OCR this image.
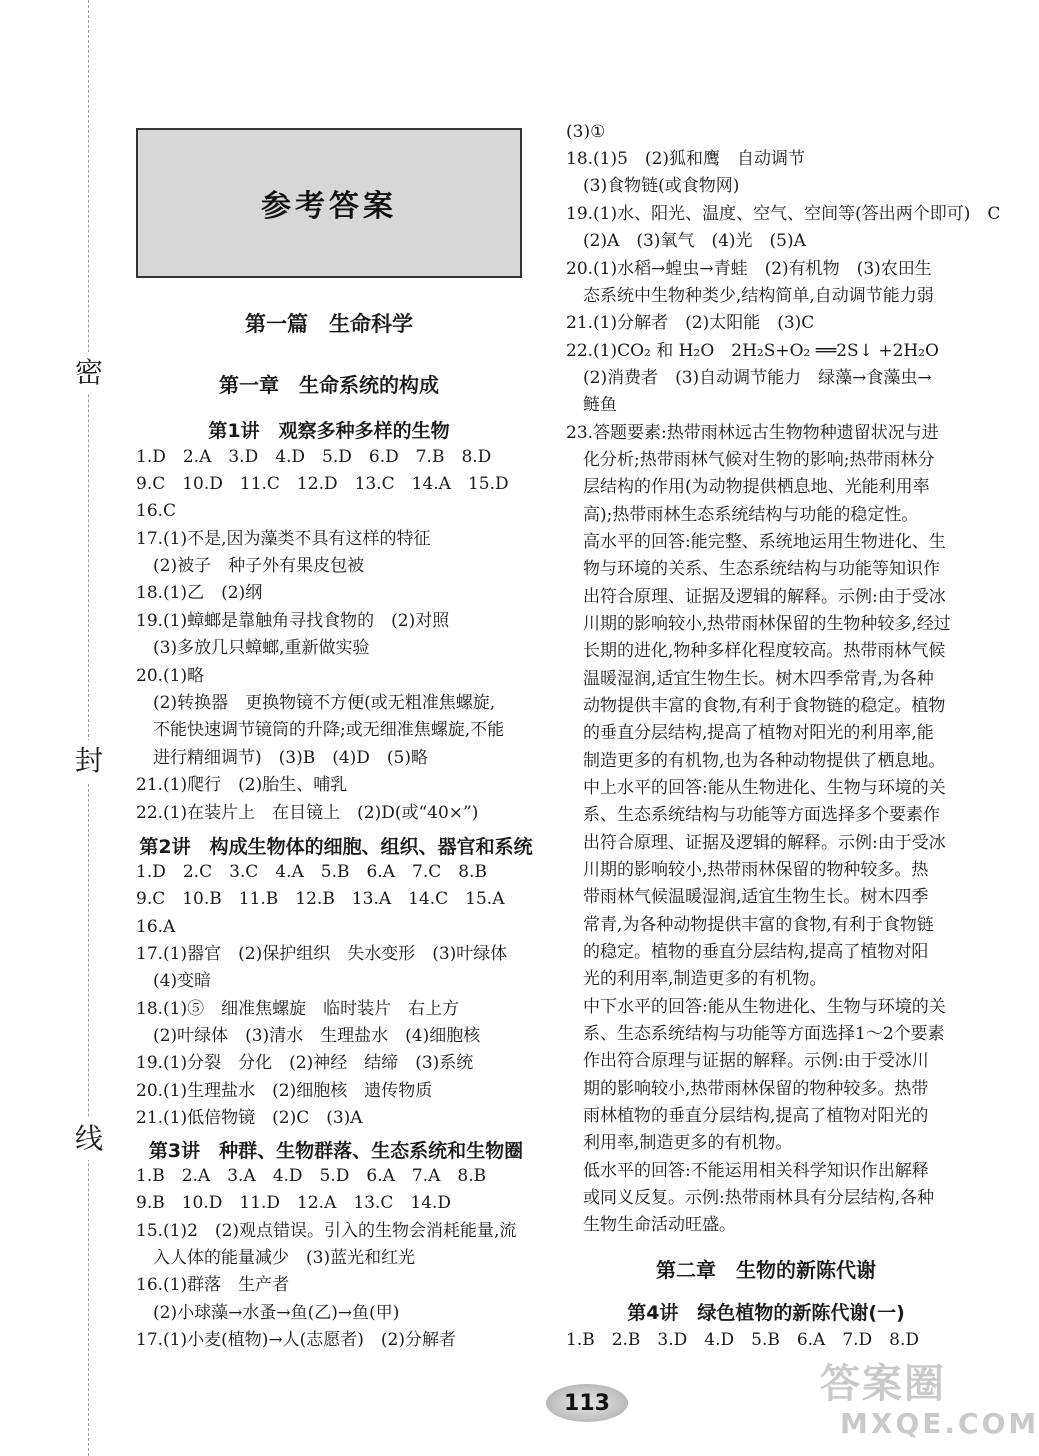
密
封
线
参考答案
第一篇　生命科学
第一章　生命系统的构成
第1讲　观察多种多样的生物
第2讲　构成生物体的细胞、组织、器官和系统
第3讲　种群、生物群落、生态系统和生物圈
第二章　生物的新陈代谢
第4讲　绿色植物的新陈代谢(一)
1.D　2.A　3.D　4.D　5.D　6.D　7.B　8.D
9.C　10.D　11.C　12.D　13.C　14.A　15.D
16.C
17.(1)不是,因为藻类不具有这样的特征
　(2)被子　种子外有果皮包被
18.(1)乙　(2)纲
19.(1)蟑螂是靠触角寻找食物的　(2)对照
　(3)多放几只蟑螂,重新做实验
20.(1)略
　(2)转换器　更换物镜不方便(或无粗准焦螺旋,
　不能快速调节镜筒的升降;或无细准焦螺旋,不能
　进行精细调节)　(3)B　(4)D　(5)略
21.(1)爬行　(2)胎生、哺乳
22.(1)在装片上　在目镜上　(2)D(或“40×”)
1.D　2.C　3.C　4.A　5.B　6.A　7.C　8.B
9.C　10.B　11.B　12.B　13.A　14.C　15.A
16.A
17.(1)器官　(2)保护组织　失水变形　(3)叶绿体
　(4)变暗
18.(1)⑤　细准焦螺旋　临时装片　右上方
　(2)叶绿体　(3)清水　生理盐水　(4)细胞核
19.(1)分裂　分化　(2)神经　结缔　(3)系统
20.(1)生理盐水　(2)细胞核　遗传物质
21.(1)低倍物镜　(2)C　(3)A
1.B　2.A　3.A　4.D　5.D　6.A　7.A　8.B
9.B　10.D　11.D　12.A　13.C　14.D
15.(1)2　(2)观点错误。引入的生物会消耗能量,流
　入人体的能量减少　(3)蓝光和红光
16.(1)群落　生产者
　(2)小球藻→水蚤→鱼(乙)→鱼(甲)
17.(1)小麦(植物)→人(志愿者)　(2)分解者
(3)①
18.(1)5　(2)狐和鹰　自动调节
　(3)食物链(或食物网)
19.(1)水、阳光、温度、空气、空间等(答出两个即可)　C
　(2)A　(3)氧气　(4)光　(5)A
20.(1)水稻→蝗虫→青蛙　(2)有机物　(3)农田生
　态系统中生物种类少,结构简单,自动调节能力弱
21.(1)分解者　(2)太阳能　(3)C
22.(1)CO₂ 和 H₂O　2H₂S+O₂ ══2S↓ +2H₂O
　(2)消费者　(3)自动调节能力　绿藻→食藻虫→
　鲢鱼
23.答题要素:热带雨林远古生物物种遗留状况与进
　化分析;热带雨林气候对生物的影响;热带雨林分
　层结构的作用(为动物提供栖息地、光能利用率
　高);热带雨林生态系统结构与功能的稳定性。
　高水平的回答:能完整、系统地运用生物进化、生
　物与环境的关系、生态系统结构与功能等知识作
　出符合原理、证据及逻辑的解释。示例:由于受冰
　川期的影响较小,热带雨林保留的生物种较多,经过
　长期的进化,物种多样化程度较高。热带雨林气候
　温暖湿润,适宜生物生长。树木四季常青,为各种
　动物提供丰富的食物,有利于食物链的稳定。植物
　的垂直分层结构,提高了植物对阳光的利用率,能
　制造更多的有机物,也为各种动物提供了栖息地。
　中上水平的回答:能从生物进化、生物与环境的关
　系、生态系统结构与功能等方面选择多个要素作
　出符合原理、证据及逻辑的解释。示例:由于受冰
　川期的影响较小,热带雨林保留的物种较多。热
　带雨林气候温暖湿润,适宜生物生长。树木四季
　常青,为各种动物提供丰富的食物,有利于食物链
　的稳定。植物的垂直分层结构,提高了植物对阳
　光的利用率,制造更多的有机物。
　中下水平的回答:能从生物进化、生物与环境的关
　系、生态系统结构与功能等方面选择1～2个要素
　作出符合原理与证据的解释。示例:由于受冰川
　期的影响较小,热带雨林保留的物种较多。热带
　雨林植物的垂直分层结构,提高了植物对阳光的
　利用率,制造更多的有机物。
　低水平的回答:不能运用相关科学知识作出解释
　或同义反复。示例:热带雨林具有分层结构,各种
　生物生命活动旺盛。
1.B　2.B　3.D　4.D　5.B　6.A　7.D　8.D
113	答案圈
MXQE.COM
